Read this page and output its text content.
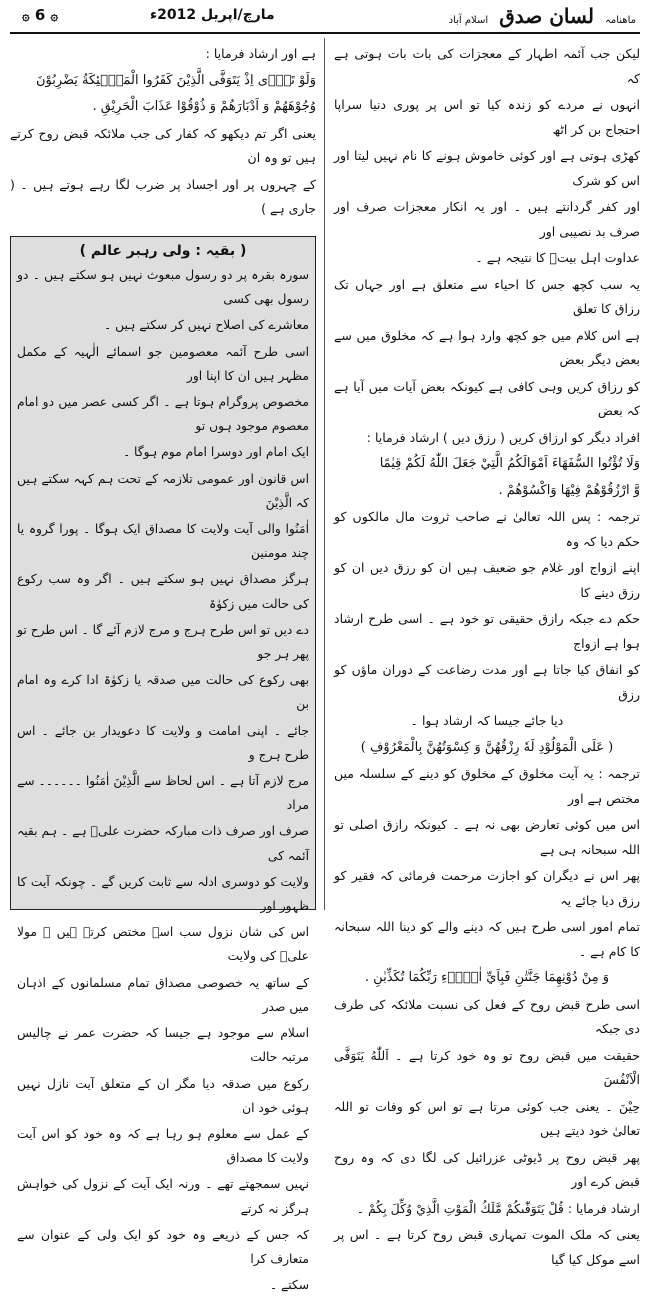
۞ 6 ۞	مارچ/اپریل 2012ء	ماهنامہ لسان صدق اسلام آباد

لیکن جب آئمہ اطہار کے معجزات کی بات بات ہوتی ہے کہ

انہوں نے مردے کو زندہ کیا تو اس پر پوری دنیا سراپا احتجاج بن کر اٹھ

کھڑی ہوتی ہے اور کوئی خاموش ہونے کا نام نہیں لیتا اور اس کو شرک

اور کفر گردانتے ہیں ۔ اور یہ انکار معجزات صرف اور صرف بد نصیبی اور

عداوت اہل بیتؑ کا نتیجہ ہے ۔

یہ سب کچھ جس کا احیاء سے متعلق ہے اور جہاں تک رزاق کا تعلق

ہے اس کلام میں جو کچھ وارد ہوا ہے کہ مخلوق میں سے بعض دیگر بعض

کو رزاق کریں وہی کافی ہے کیونکہ بعض آیات میں آیا ہے کہ بعض

افراد دیگر کو ارزاق کریں ( رزق دیں ) ارشاد فرمایا :

وَلَا تُؤْتُوا السُّفَهَاءَ اَمْوَالَكُمُ الَّتِيْ جَعَلَ اللّٰهُ لَكُمْ قِيٰمًا

وَّ ارْزُقُوْهُمْ فِيْهَا وَاكْسُوْهُمْ .

ترجمہ : پس اللہ تعالیٰ نے صاحب ثروت مال مالکوں کو حکم دیا کہ وہ

اپنے ازواج اور غلام جو ضعیف ہیں ان کو رزق دیں ان کو رزق دینے کا

حکم دے جبکہ رازق حقیقی تو خود ہے ۔ اسی طرح ارشاد ہوا ہے ازواج

کو انفاق کیا جاتا ہے اور مدت رضاعت کے دوران ماؤں کو رزق

دیا جائے جیسا کہ ارشاد ہوا ۔

( عَلَى الْمَوْلُوْدِ لَهٗ رِزْقُهُنَّ وَ كِسْوَتُهُنَّ بِالْمَعْرُوْفِ )

ترجمہ : یہ آیت مخلوق کے مخلوق کو دینے کے سلسلہ میں مختص ہے اور

اس میں کوئی تعارض بھی نہ ہے ۔ کیونکہ رازق اصلی تو اللہ سبحانہ ہی ہے

پھر اس نے دیگران کو اجازت مرحمت فرمائی کہ فقیر کو رزق دیا جائے یہ

تمام امور اسی طرح ہیں کہ دینے والے کو دینا اللہ سبحانہ کا کام ہے ۔

وَ مِنْ دُوْنِهِمَا جَنَّتٰنِ فَبِاَيِّ اٰلَاۗءِ رَبِّكُمَا تُكَذِّبٰنِ .

اسی طرح قبض روح کے فعل کی نسبت ملائکہ کی طرف دی جبکہ

حقیقت میں قبض روح تو وہ خود کرتا ہے ۔ اَللّٰهُ يَتَوَفَّى الْاَنْفُسَ

حِيْنَ ۔ یعنی جب کوئی مرتا ہے تو اس کو وفات تو اللہ تعالیٰ خود دیتے ہیں

پھر قبض روح پر ڈیوٹی عزرائیل کی لگا دی کہ وہ روح قبض کرے اور

ارشاد فرمایا : قُلْ يَتَوَفّٰىكُمْ مَّلَكُ الْمَوْتِ الَّذِيْ وُكِّلَ بِكُمْ ۔

یعنی کہ ملک الموت تمہاری قبض روح کرتا ہے ۔ اس پر اسے موکل کیا گیا

ہے اور ارشاد فرمایا :

وَلَوْ تَرٰۤى اِذْ يَتَوَفَّى الَّذِيْنَ كَفَرُوا الْمَلٰۤئِكَةُ يَضْرِبُوْنَ

وُجُوْهَهُمْ وَ اَدْبَارَهُمْ وَ ذُوْقُوْا عَذَابَ الْحَرِيْقِ .

یعنی اگر تم دیکھو کہ کفار کی جب ملائکہ قبض روح کرتے ہیں تو وہ ان

کے چہروں پر اور اجساد پر ضرب لگا رہے ہوتے ہیں ۔ ( جاری ہے )

( بقیہ : ولی رہبر عالم )

سورہ بقرہ پر دو رسول مبعوث نہیں ہو سکتے ہیں ۔ دو رسول بھی کسی

معاشرے کی اصلاح نہیں کر سکتے ہیں ۔

اسی طرح آئمہ معصومین جو اسمائے الٰہیہ کے مکمل مظہر ہیں ان کا اپنا اور

مخصوص پروگرام ہوتا ہے ۔ اگر کسی عصر میں دو امام معصوم موجود ہوں تو

ایک امام اور دوسرا امام موم ہوگا ۔

اس قانون اور عمومی تلازمہ کے تحت ہم کہہ سکتے ہیں کہ الَّذِيْنَ

اٰمَنُوا والی آیت ولایت کا مصداق ایک ہوگا ۔ پورا گروہ یا چند مومنین

ہرگز مصداق نہیں ہو سکتے ہیں ۔ اگر وہ سب رکوع کی حالت میں زکوٰۃ

دے دیں تو اس طرح ہرج و مرج لازم آئے گا ۔ اس طرح تو پھر ہر جو

بھی رکوع کی حالت میں صدقہ یا زکوٰۃ ادا کرے وہ امام بن

جائے ۔ اپنی امامت و ولایت کا دعویدار بن جائے ۔ اس طرح ہرج و

مرج لازم آتا ہے ۔ اس لحاظ سے الَّذِيْنَ اٰمَنُوا ۔۔۔۔۔۔ سے مراد

صرف اور صرف ذات مبارکہ حضرت علیؑ ہے ۔ ہم بقیہ آئمہ کی

ولایت کو دوسری ادلہ سے ثابت کریں گے ۔ چونکہ آیت کا ظہور اور

اس کی شان نزول سب اسے مختص کرتے ہیں ۔ مولا علیؑ کی ولایت

کے ساتھ یہ خصوصی مصداق تمام مسلمانوں کے اذہان میں صدر

اسلام سے موجود ہے جیسا کہ حضرت عمر نے چالیس مرتبہ حالت

رکوع میں صدقہ دیا مگر ان کے متعلق آیت نازل نہیں ہوئی خود ان

کے عمل سے معلوم ہو رہا ہے کہ وہ خود کو اس آیت ولایت کا مصداق

نہیں سمجھتے تھے ۔ ورنہ ایک آیت کے نزول کی خواہش ہرگز نہ کرتے

کہ جس کے ذریعے وہ خود کو ایک ولی کے عنوان سے متعارف کرا

سکتے ۔
